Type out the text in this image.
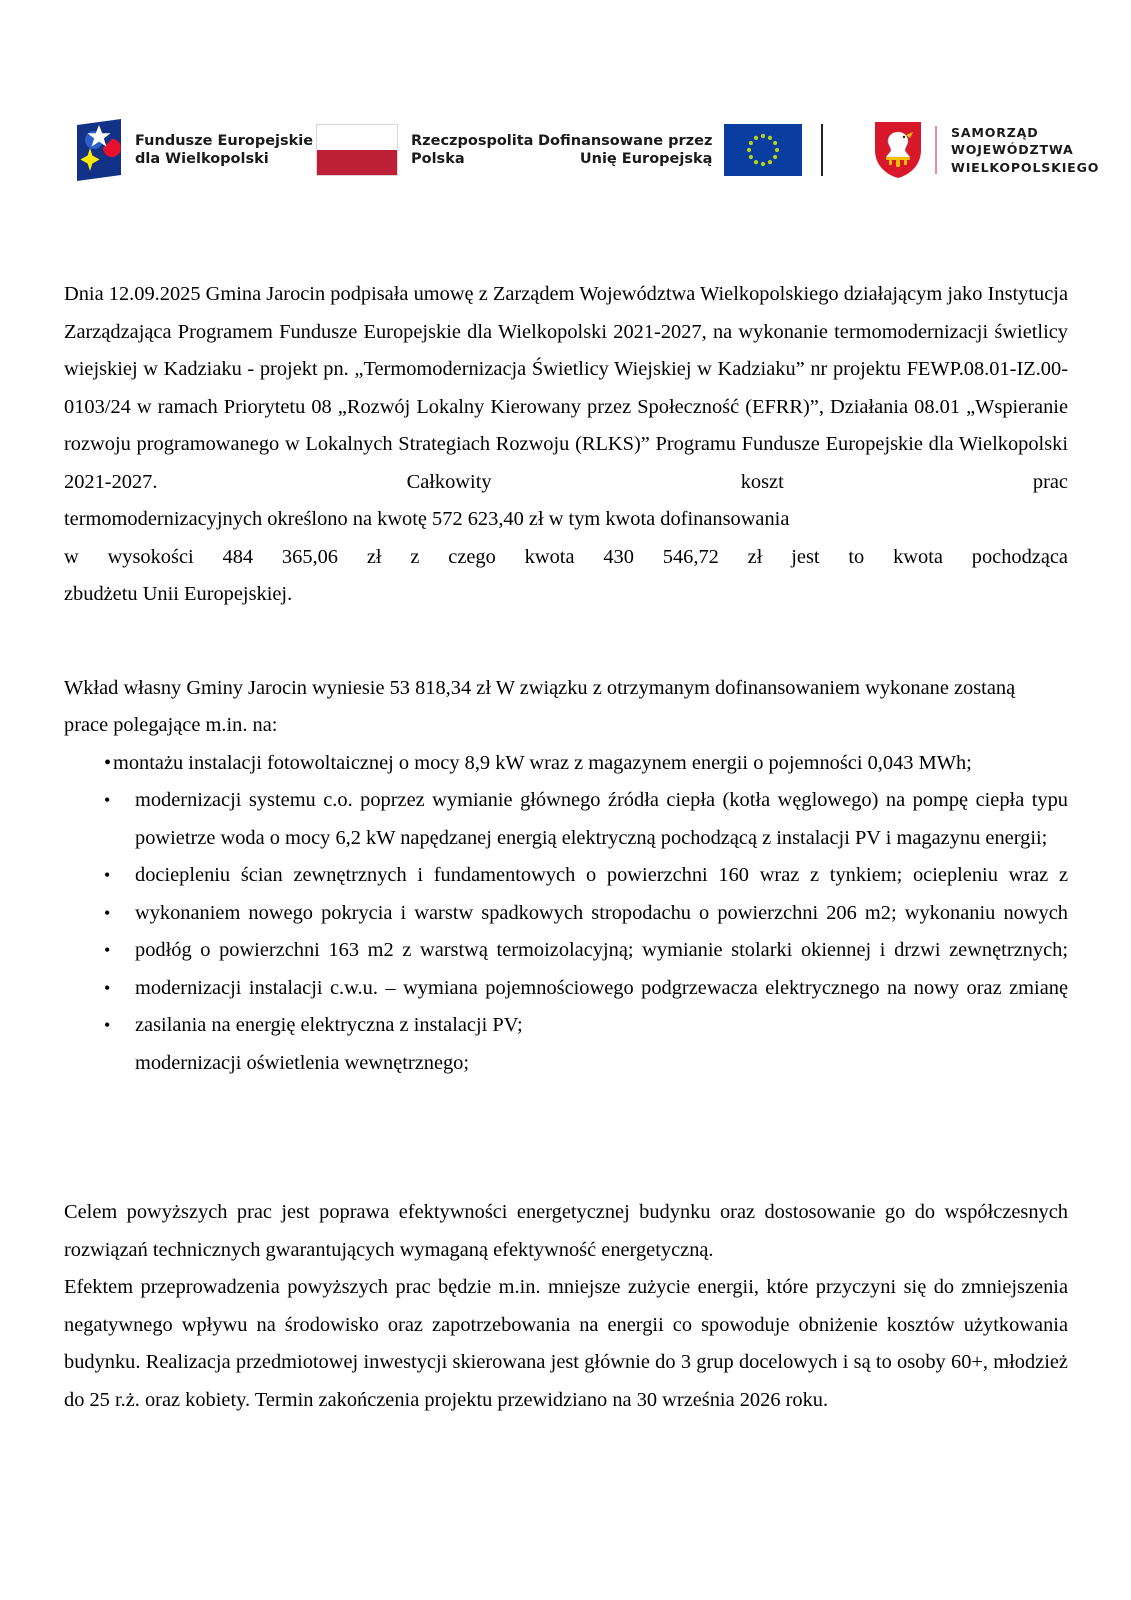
Fundusze Europejskie
dla Wielkopolski
Rzeczpospolita
Polska
Dofinansowane przez
Unię Europejską
SAMORZĄD
WOJEWÓDZTWA
WIELKOPOLSKIEGO

Dnia 12.09.2025 Gmina Jarocin podpisała umowę z Zarządem Województwa Wielkopolskiego działającym jako Instytucja Zarządzająca Programem Fundusze Europejskie dla Wielkopolski 2021-2027, na wykonanie termomodernizacji świetlicy wiejskiej w Kadziaku - projekt pn. „Termomodernizacja Świetlicy Wiejskiej w Kadziaku” nr projektu FEWP.08.01-IZ.00-0103/24 w ramach Priorytetu 08 „Rozwój Lokalny Kierowany przez Społeczność (EFRR)”, Działania 08.01 „Wspieranie rozwoju programowanego w Lokalnych Strategiach Rozwoju (RLKS)” Programu Fundusze Europejskie dla Wielkopolski 2021-2027. Całkowity koszt prac

termomodernizacyjnych określono na kwotę 572 623,40 zł w tym kwota dofinansowania

w wysokości 484 365,06 zł z czego kwota 430 546,72 zł jest to kwota pochodząca

zbudżetu Unii Europejskiej.

Wkład własny Gminy Jarocin wyniesie 53 818,34 zł W związku z otrzymanym dofinansowaniem wykonane zostaną

prace polegające m.in. na:

• montażu instalacji fotowoltaicznej o mocy 8,9 kW wraz z magazynem energii o pojemności 0,043 MWh;
• modernizacji systemu c.o. poprzez wymianie głównego źródła ciepła (kotła węglowego) na pompę ciepła typu powietrze woda o mocy 6,2 kW napędzanej energią elektryczną pochodzącą z instalacji PV i magazynu energii;
• dociepleniu ścian zewnętrznych i fundamentowych o powierzchni 160 wraz z tynkiem; ociepleniu wraz z
• wykonaniem nowego pokrycia i warstw spadkowych stropodachu o powierzchni 206 m2; wykonaniu nowych
• podłóg o powierzchni 163 m2 z warstwą termoizolacyjną; wymianie stolarki okiennej i drzwi zewnętrznych;
• modernizacji instalacji c.w.u. – wymiana pojemnościowego podgrzewacza elektrycznego na nowy oraz zmianę
• zasilania na energię elektryczna z instalacji PV;
modernizacji oświetlenia wewnętrznego;

Celem powyższych prac jest poprawa efektywności energetycznej budynku oraz dostosowanie go do współczesnych rozwiązań technicznych gwarantujących wymaganą efektywność energetyczną.

Efektem przeprowadzenia powyższych prac będzie m.in. mniejsze zużycie energii, które przyczyni się do zmniejszenia negatywnego wpływu na środowisko oraz zapotrzebowania na energii co spowoduje obniżenie kosztów użytkowania budynku. Realizacja przedmiotowej inwestycji skierowana jest głównie do 3 grup docelowych i są to osoby 60+, młodzież do 25 r.ż. oraz kobiety. Termin zakończenia projektu przewidziano na 30 września 2026 roku.
